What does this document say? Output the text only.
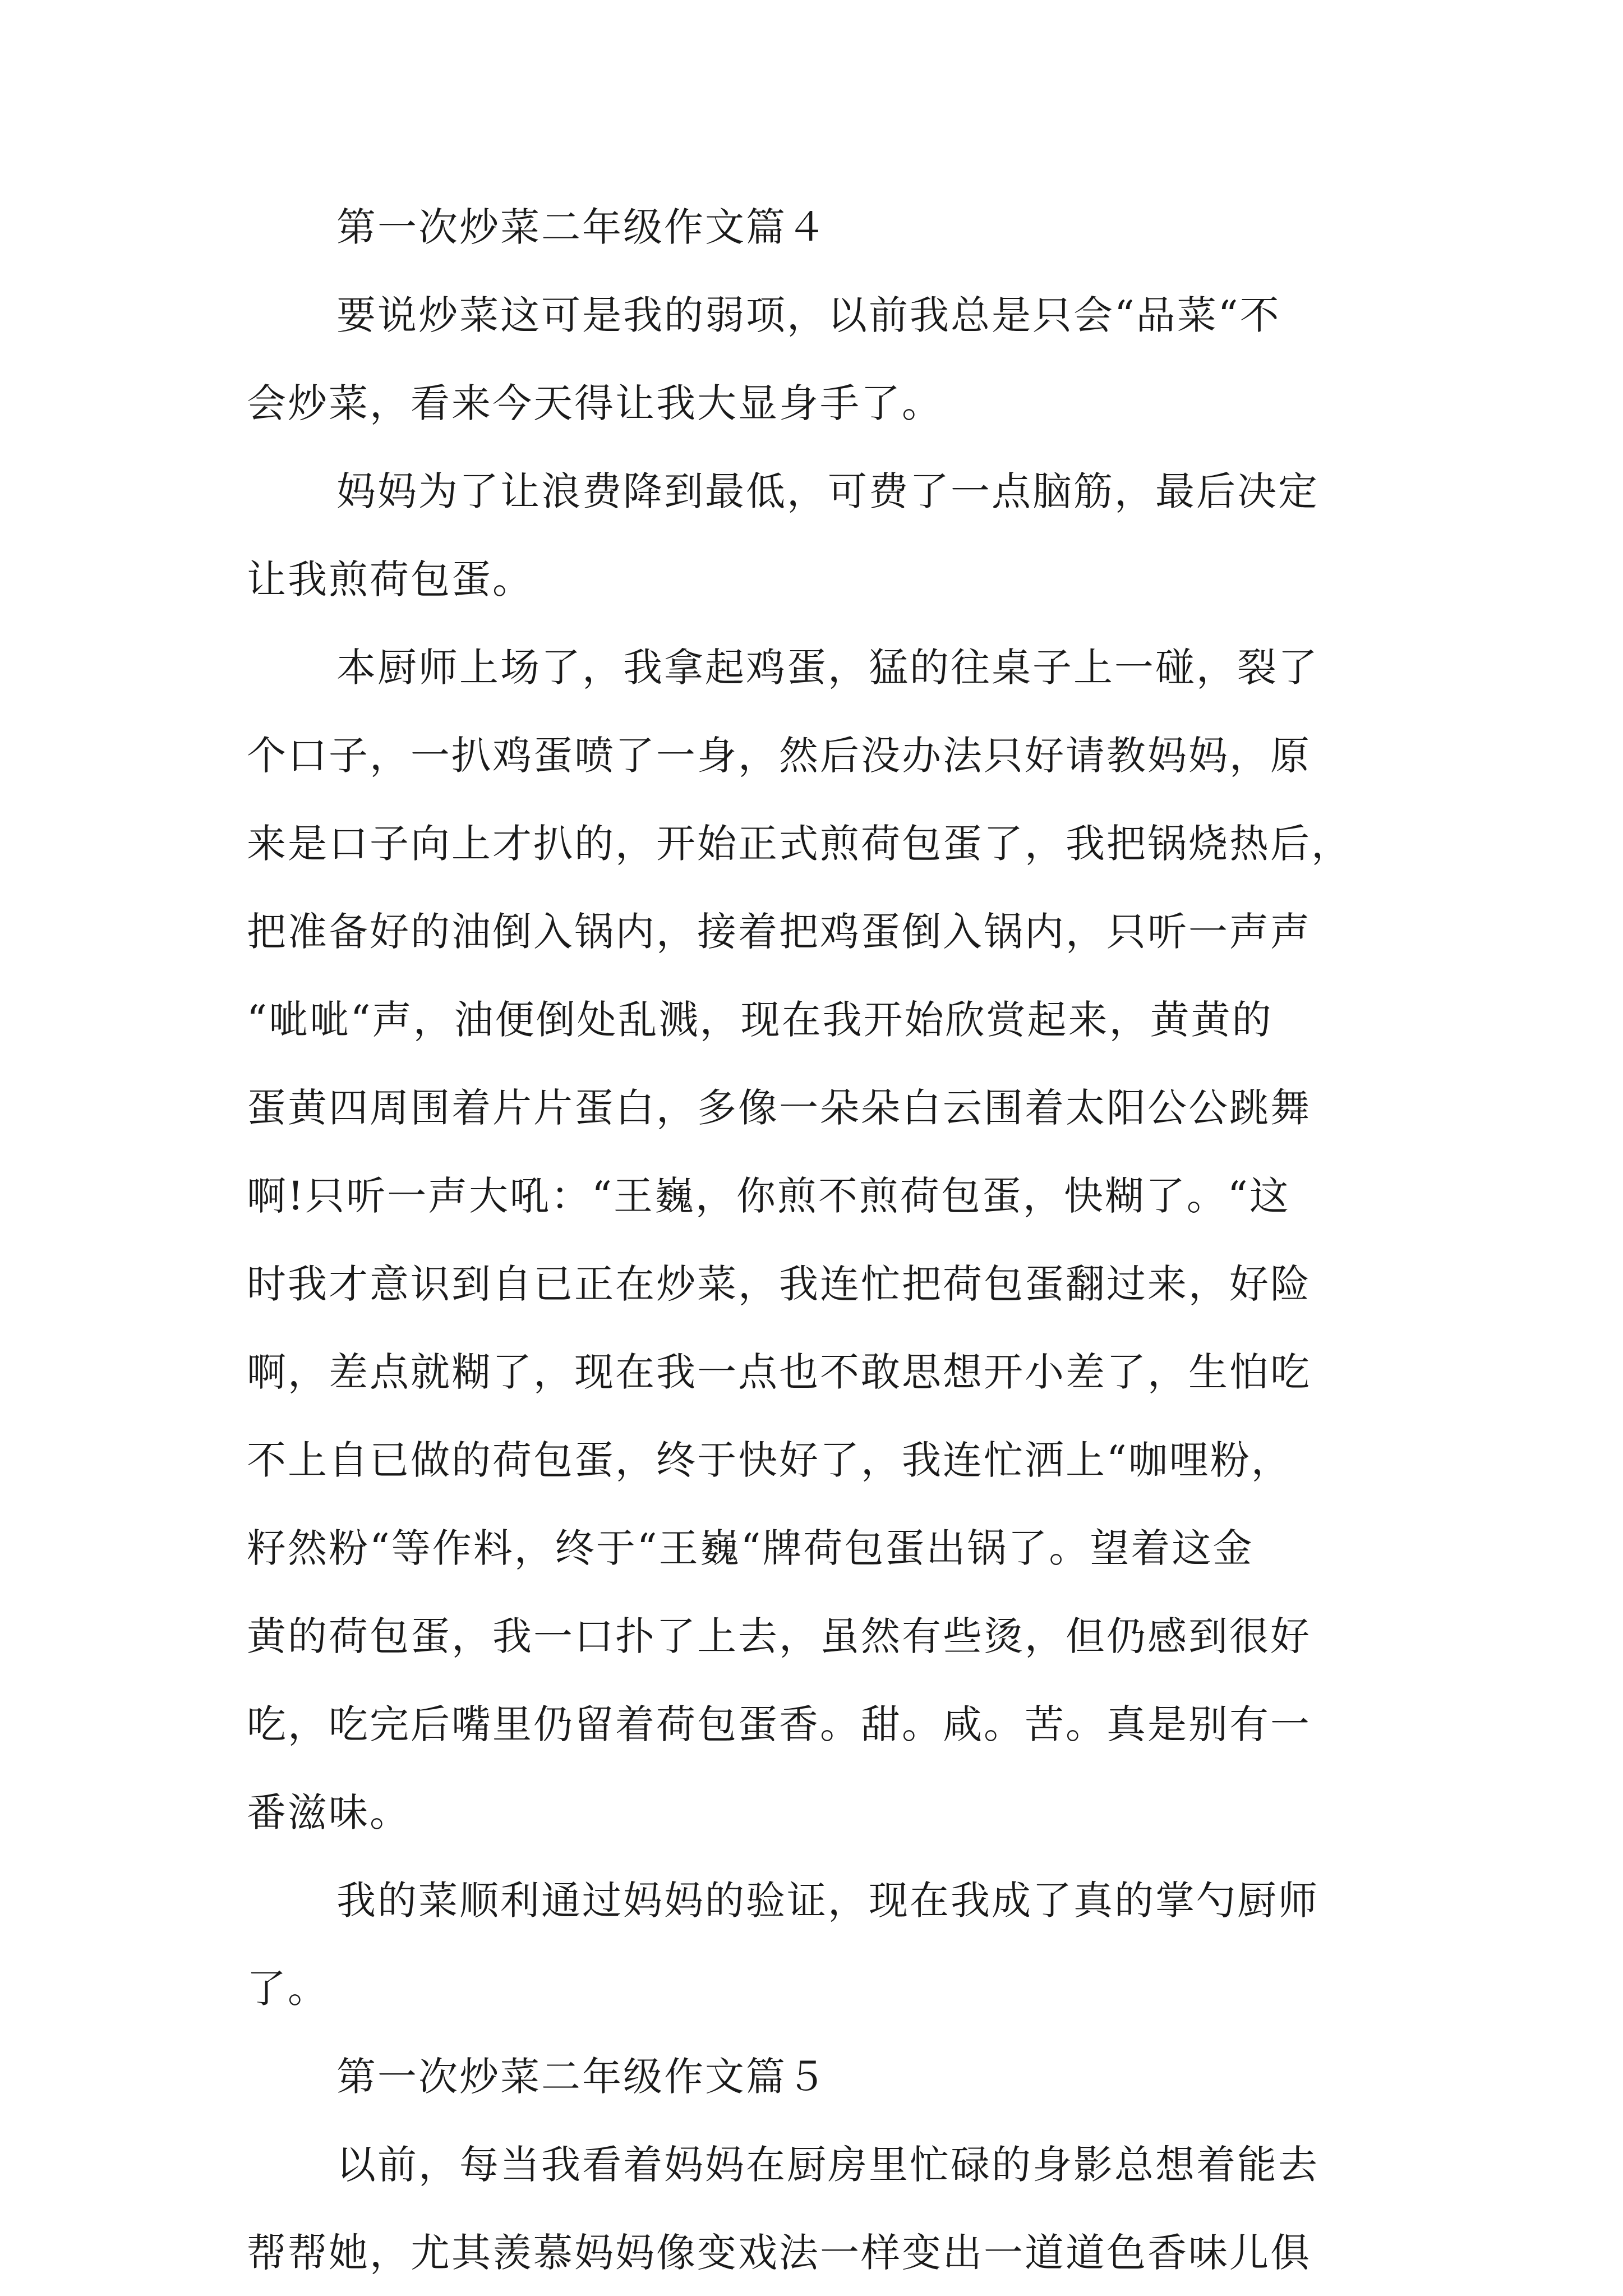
第一次炒菜二年级作文篇４
要说炒菜这可是我的弱项，以前我总是只会“品菜“不
会炒菜，看来今天得让我大显身手了。
妈妈为了让浪费降到最低，可费了一点脑筋，最后决定
让我煎荷包蛋。
本厨师上场了，我拿起鸡蛋，猛的往桌子上一碰，裂了
个口子，一扒鸡蛋喷了一身，然后没办法只好请教妈妈，原
来是口子向上才扒的，开始正式煎荷包蛋了，我把锅烧热后，
把准备好的油倒入锅内，接着把鸡蛋倒入锅内，只听一声声
“呲呲“声，油便倒处乱溅，现在我开始欣赏起来，黄黄的
蛋黄四周围着片片蛋白，多像一朵朵白云围着太阳公公跳舞
啊!只听一声大吼：“王巍，你煎不煎荷包蛋，快糊了。“这
时我才意识到自已正在炒菜，我连忙把荷包蛋翻过来，好险
啊，差点就糊了，现在我一点也不敢思想开小差了，生怕吃
不上自已做的荷包蛋，终于快好了，我连忙洒上“咖哩粉，
籽然粉“等作料，终于“王巍“牌荷包蛋出锅了。望着这金
黄的荷包蛋，我一口扑了上去，虽然有些烫，但仍感到很好
吃，吃完后嘴里仍留着荷包蛋香。甜。咸。苦。真是别有一
番滋味。
我的菜顺利通过妈妈的验证，现在我成了真的掌勺厨师
了。
第一次炒菜二年级作文篇５
以前，每当我看着妈妈在厨房里忙碌的身影总想着能去
帮帮她，尤其羡慕妈妈像变戏法一样变出一道道色香味儿俱
